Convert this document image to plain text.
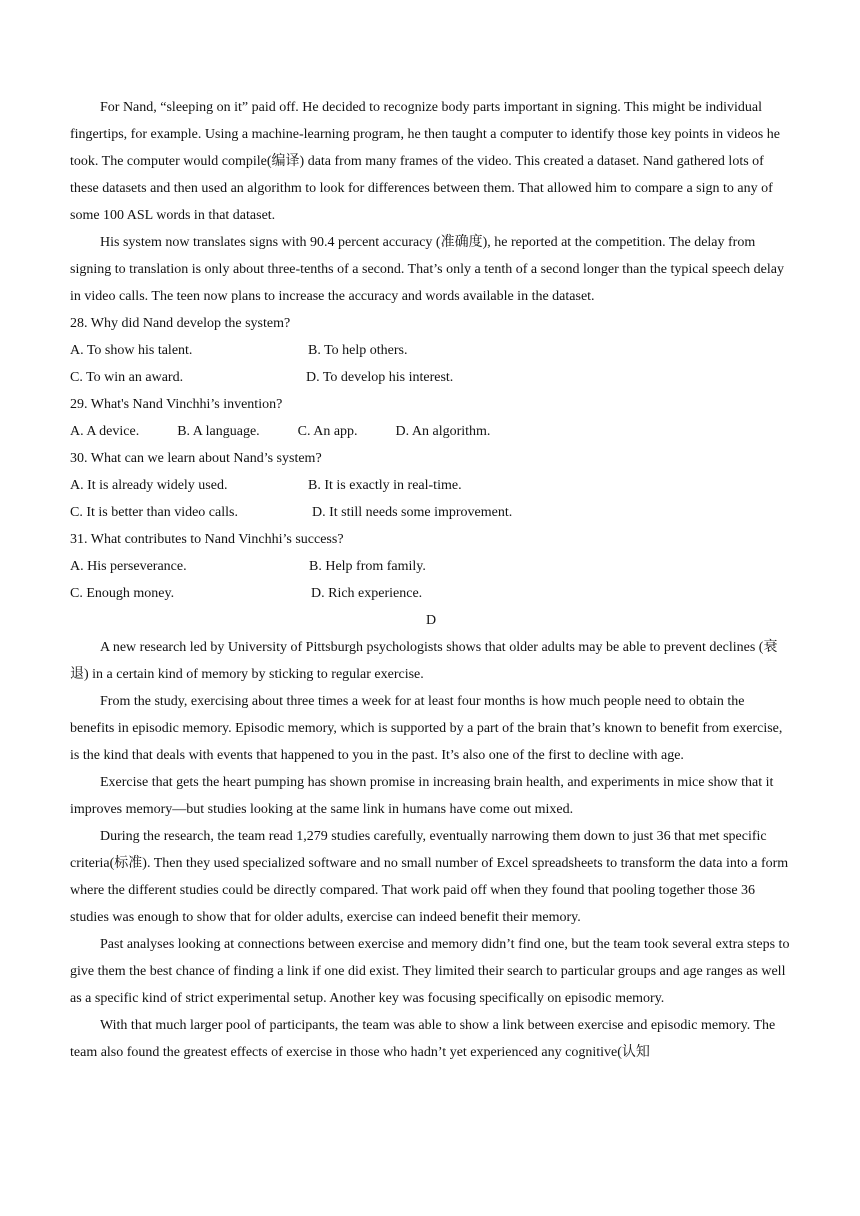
For Nand, “sleeping on it” paid off. He decided to recognize body parts important in signing. This might be individual fingertips, for example. Using a machine-learning program, he then taught a computer to identify those key points in videos he took. The computer would compile(编译) data from many frames of the video. This created a dataset. Nand gathered lots of these datasets and then used an algorithm to look for differences between them. That allowed him to compare a sign to any of some 100 ASL words in that dataset.

His system now translates signs with 90.4 percent accuracy (准确度), he reported at the competition. The delay from signing to translation is only about three-tenths of a second. That’s only a tenth of a second longer than the typical speech delay in video calls. The teen now plans to increase the accuracy and words available in the dataset.

28. Why did Nand develop the system?

A. To show his talent.	B. To help others.
C. To win an award.	D. To develop his interest.

29. What's Nand Vinchhi’s invention?

A. A device.	B. A language.	C. An app.	D. An algorithm.

30. What can we learn about Nand’s system?

A. It is already widely used.	B. It is exactly in real-time.
C. It is better than video calls.	D. It still needs some improvement.

31. What contributes to Nand Vinchhi’s success?

A. His perseverance.	B. Help from family.
C. Enough money.	D. Rich experience.

D

A new research led by University of Pittsburgh psychologists shows that older adults may be able to prevent declines (衰退) in a certain kind of memory by sticking to regular exercise.

From the study, exercising about three times a week for at least four months is how much people need to obtain the benefits in episodic memory. Episodic memory, which is supported by a part of the brain that’s known to benefit from exercise, is the kind that deals with events that happened to you in the past. It’s also one of the first to decline with age.

Exercise that gets the heart pumping has shown promise in increasing brain health, and experiments in mice show that it improves memory—but studies looking at the same link in humans have come out mixed.

During the research, the team read 1,279 studies carefully, eventually narrowing them down to just 36 that met specific criteria(标准). Then they used specialized software and no small number of Excel spreadsheets to transform the data into a form where the different studies could be directly compared. That work paid off when they found that pooling together those 36 studies was enough to show that for older adults, exercise can indeed benefit their memory.

Past analyses looking at connections between exercise and memory didn’t find one, but the team took several extra steps to give them the best chance of finding a link if one did exist. They limited their search to particular groups and age ranges as well as a specific kind of strict experimental setup. Another key was focusing specifically on episodic memory.

With that much larger pool of participants, the team was able to show a link between exercise and episodic memory. The team also found the greatest effects of exercise in those who hadn’t yet experienced any cognitive(认知
